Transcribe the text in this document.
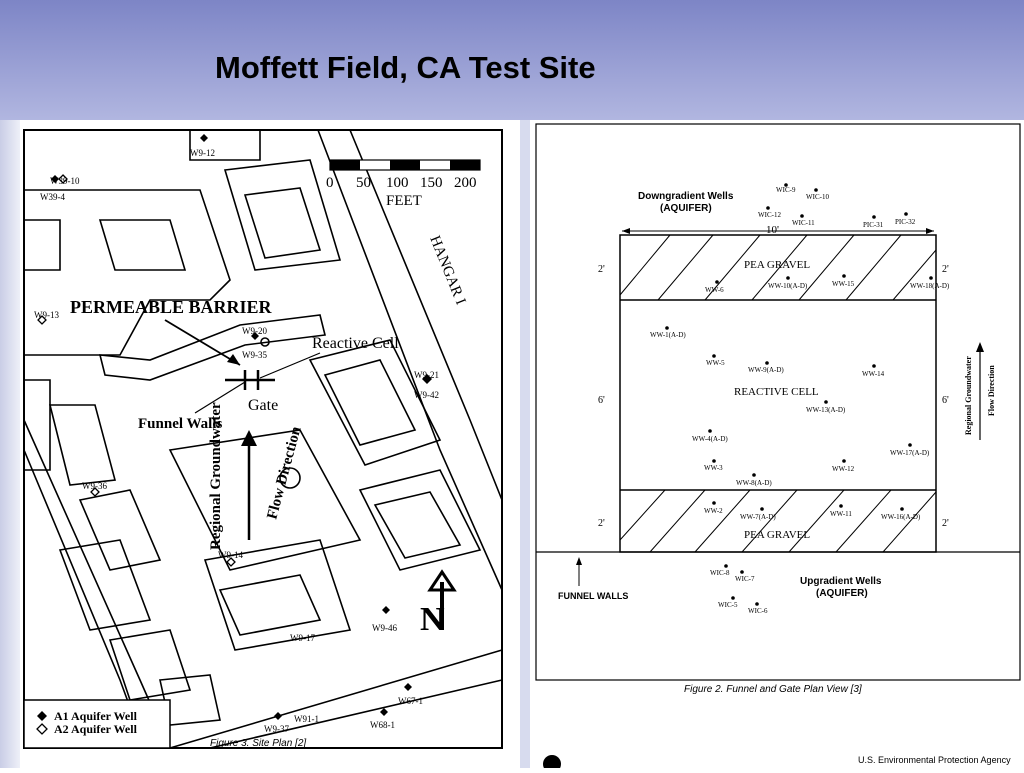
Moffett Field, CA Test Site
0 50 100 150 200
FEET
HANGAR I
PERMEABLE BARRIER
Reactive Cell
Gate
Funnel Walls
Regional Groundwater	Flow Direction
N
W9-12
W39-10
W39-4
W9-13
W9-20
W9-35
W9-21
W9-42
W9-36
W9-14
W9-46
W9-17
W67-1
W91-1
W68-1
W9-37
A1 Aquifer Well
A2 Aquifer Well
Figure 3. Site Plan [2]
10'
2'	2'
6'	6'
2'	2'
PEA GRAVEL
REACTIVE CELL
PEA GRAVEL
Downgradient Wells
(AQUIFER)
Upgradient Wells
(AQUIFER)
FUNNEL WALLS
Regional Groundwater Flow Direction
WIC-9
WIC-10
WIC-12
WIC-11	PIC-31 PIC-32
WW-6	WW-10(A-D)	WW-15	WW-18(A-D)
WW-1(A-D)
WW-5
WW-9(A-D)	WW-14
WW-13(A-D)
WW-4(A-D)
WW-17(A-D)
WW-3	WW-12
WW-8(A-D)
WW-2
WW-7(A-D)	WW-11	WW-16(A-D)
WIC-8
WIC-7
WIC-5
WIC-6
Figure 2. Funnel and Gate Plan View [3]
U.S. Environmental Protection Agency
